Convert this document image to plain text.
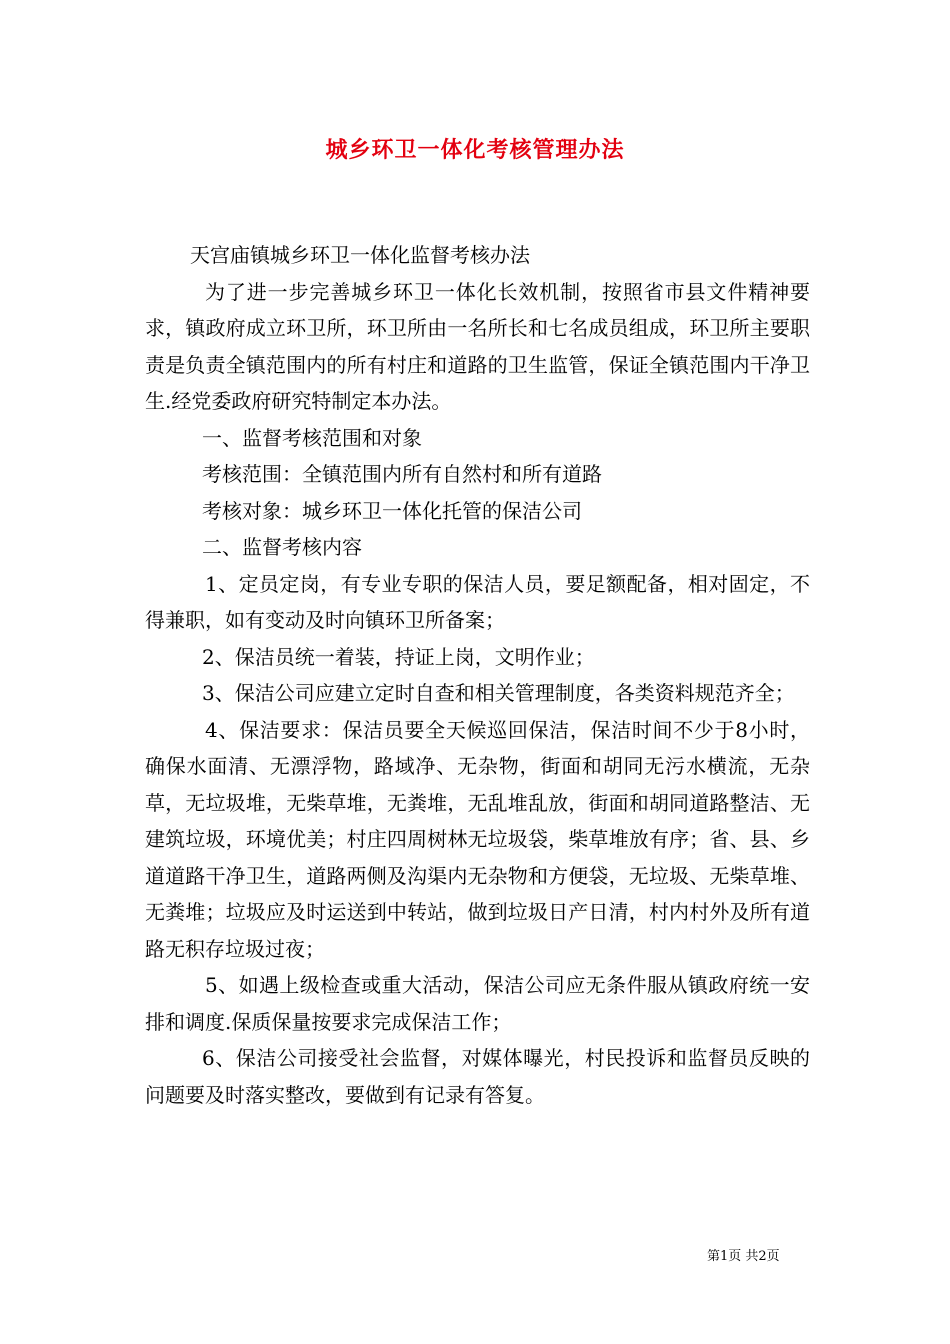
城乡环卫一体化考核管理办法

天宫庙镇城乡环卫一体化监督考核办法

为了进一步完善城乡环卫一体化长效机制，按照省市县文件精神要求，镇政府成立环卫所，环卫所由一名所长和七名成员组成，环卫所主要职责是负责全镇范围内的所有村庄和道路的卫生监管，保证全镇范围内干净卫生.经党委政府研究特制定本办法。

一、监督考核范围和对象

考核范围：全镇范围内所有自然村和所有道路

考核对象：城乡环卫一体化托管的保洁公司

二、监督考核内容

1、定员定岗，有专业专职的保洁人员，要足额配备，相对固定，不得兼职，如有变动及时向镇环卫所备案；

2、保洁员统一着装，持证上岗，文明作业；

3、保洁公司应建立定时自查和相关管理制度，各类资料规范齐全；

4、保洁要求：保洁员要全天候巡回保洁，保洁时间不少于8小时，确保水面清、无漂浮物，路域净、无杂物，街面和胡同无污水横流，无杂草，无垃圾堆，无柴草堆，无粪堆，无乱堆乱放，街面和胡同道路整洁、无建筑垃圾，环境优美；村庄四周树林无垃圾袋，柴草堆放有序；省、县、乡道道路干净卫生，道路两侧及沟渠内无杂物和方便袋，无垃圾、无柴草堆、无粪堆；垃圾应及时运送到中转站，做到垃圾日产日清，村内村外及所有道路无积存垃圾过夜；

5、如遇上级检查或重大活动，保洁公司应无条件服从镇政府统一安排和调度.保质保量按要求完成保洁工作；

6、保洁公司接受社会监督，对媒体曝光，村民投诉和监督员反映的问题要及时落实整改，要做到有记录有答复。

第1页 共2页
